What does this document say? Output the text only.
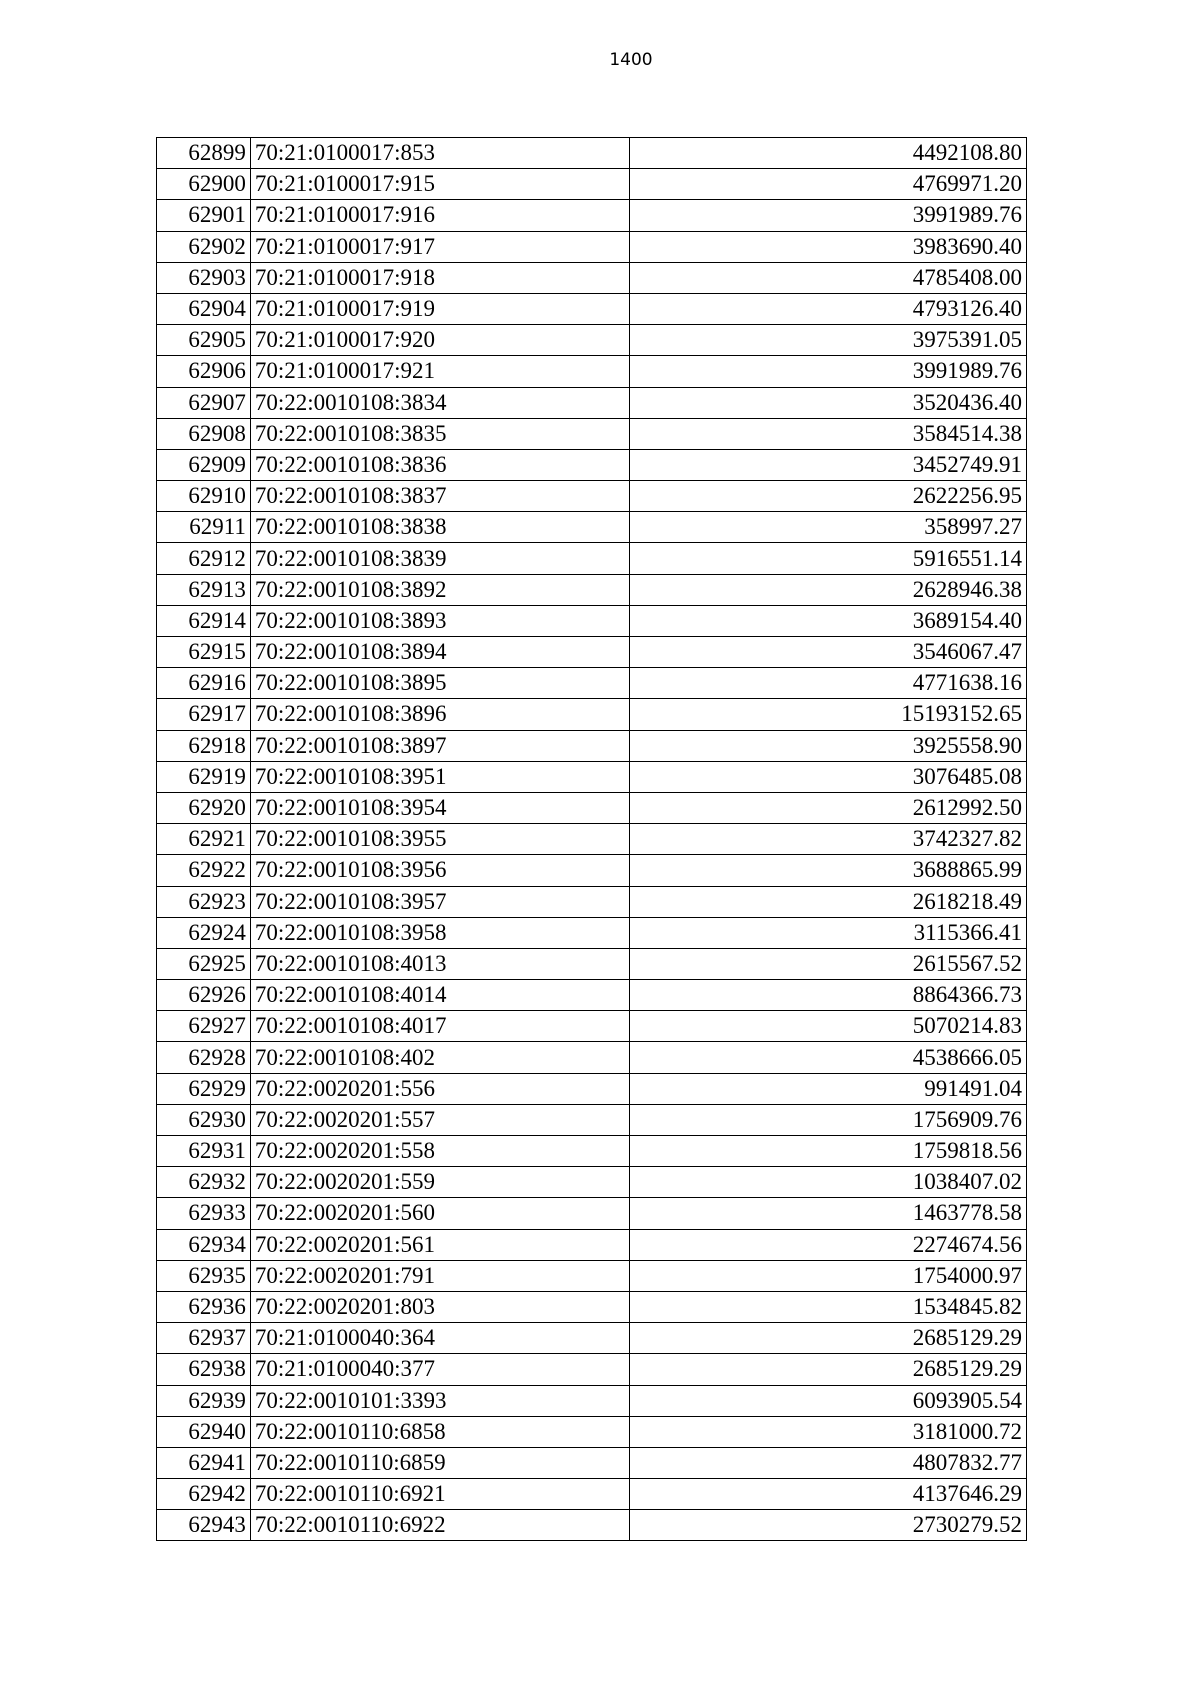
1400
62899	70:21:0100017:853	4492108.80
62900	70:21:0100017:915	4769971.20
62901	70:21:0100017:916	3991989.76
62902	70:21:0100017:917	3983690.40
62903	70:21:0100017:918	4785408.00
62904	70:21:0100017:919	4793126.40
62905	70:21:0100017:920	3975391.05
62906	70:21:0100017:921	3991989.76
62907	70:22:0010108:3834	3520436.40
62908	70:22:0010108:3835	3584514.38
62909	70:22:0010108:3836	3452749.91
62910	70:22:0010108:3837	2622256.95
62911	70:22:0010108:3838	358997.27
62912	70:22:0010108:3839	5916551.14
62913	70:22:0010108:3892	2628946.38
62914	70:22:0010108:3893	3689154.40
62915	70:22:0010108:3894	3546067.47
62916	70:22:0010108:3895	4771638.16
62917	70:22:0010108:3896	15193152.65
62918	70:22:0010108:3897	3925558.90
62919	70:22:0010108:3951	3076485.08
62920	70:22:0010108:3954	2612992.50
62921	70:22:0010108:3955	3742327.82
62922	70:22:0010108:3956	3688865.99
62923	70:22:0010108:3957	2618218.49
62924	70:22:0010108:3958	3115366.41
62925	70:22:0010108:4013	2615567.52
62926	70:22:0010108:4014	8864366.73
62927	70:22:0010108:4017	5070214.83
62928	70:22:0010108:402	4538666.05
62929	70:22:0020201:556	991491.04
62930	70:22:0020201:557	1756909.76
62931	70:22:0020201:558	1759818.56
62932	70:22:0020201:559	1038407.02
62933	70:22:0020201:560	1463778.58
62934	70:22:0020201:561	2274674.56
62935	70:22:0020201:791	1754000.97
62936	70:22:0020201:803	1534845.82
62937	70:21:0100040:364	2685129.29
62938	70:21:0100040:377	2685129.29
62939	70:22:0010101:3393	6093905.54
62940	70:22:0010110:6858	3181000.72
62941	70:22:0010110:6859	4807832.77
62942	70:22:0010110:6921	4137646.29
62943	70:22:0010110:6922	2730279.52
